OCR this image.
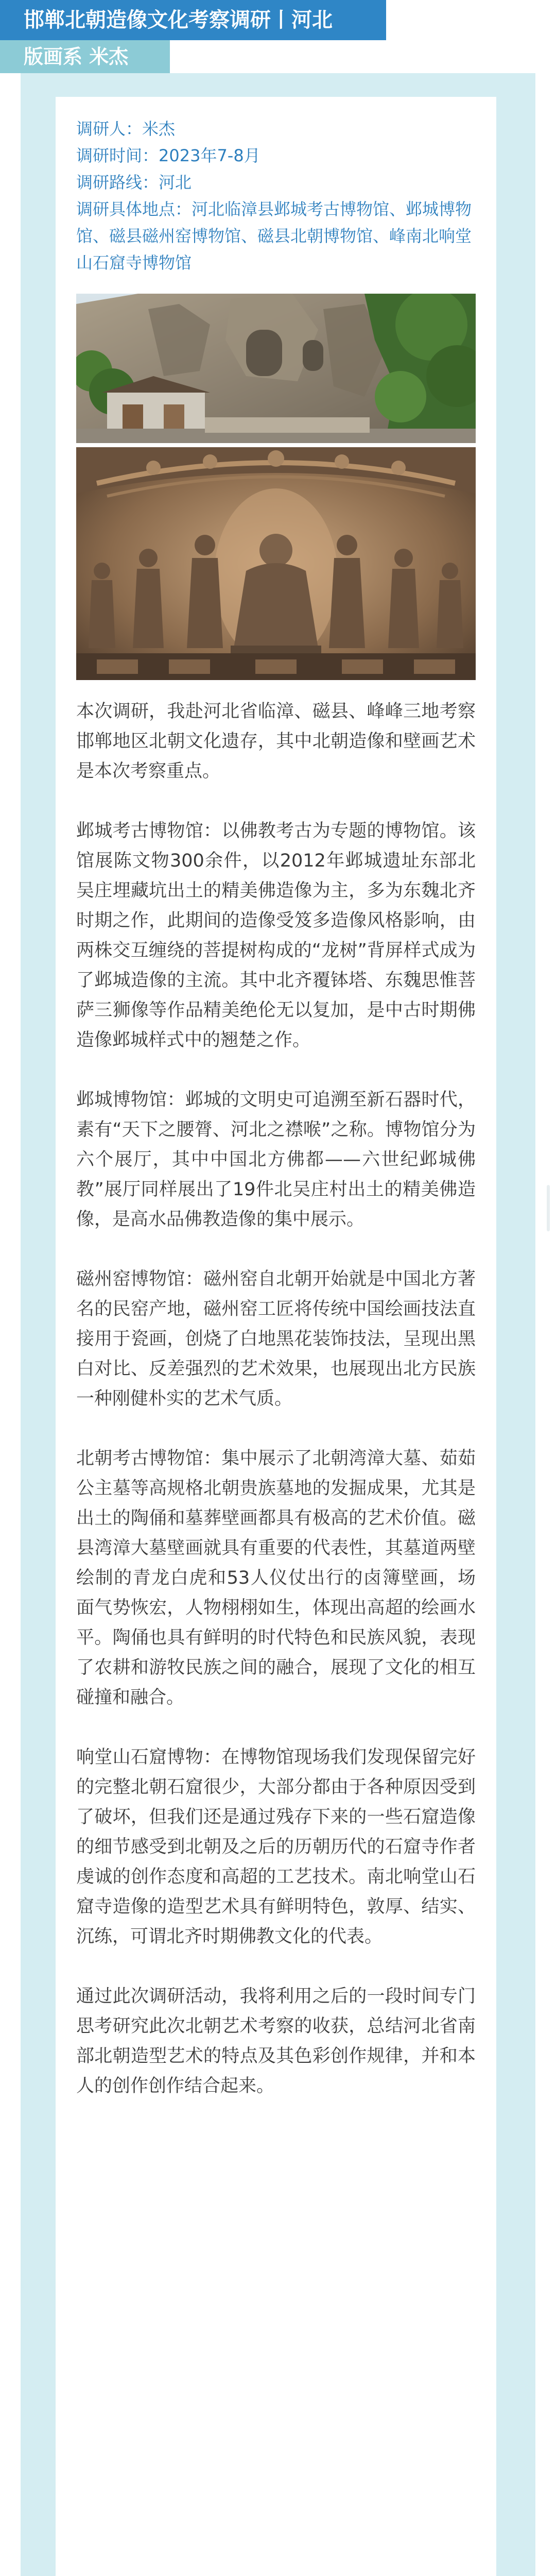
邯郸北朝造像文化考察调研丨河北
版画系 米杰
调研人：米杰
调研时间：2023年7-8月
调研路线：河北
调研具体地点：河北临漳县邺城考古博物馆、邺城博物馆、磁县磁州窑博物馆、磁县北朝博物馆、峰南北响堂山石窟寺博物馆

本次调研，我赴河北省临漳、磁县、峰峰三地考察邯郸地区北朝文化遗存，其中北朝造像和壁画艺术是本次考察重点。

邺城考古博物馆：以佛教考古为专题的博物馆。该馆展陈文物300余件，以2012年邺城遗址东部北吴庄埋藏坑出土的精美佛造像为主，多为东魏北齐时期之作，此期间的造像受笈多造像风格影响，由两株交互缠绕的菩提树构成的“龙树”背屏样式成为了邺城造像的主流。其中北齐覆钵塔、东魏思惟菩萨三狮像等作品精美绝伦无以复加，是中古时期佛造像邺城样式中的翘楚之作。

邺城博物馆：邺城的文明史可追溯至新石器时代，素有“天下之腰膂、河北之襟喉”之称。博物馆分为六个展厅，其中中国北方佛都——六世纪邺城佛教”展厅同样展出了19件北吴庄村出土的精美佛造像，是高水品佛教造像的集中展示。

磁州窑博物馆：磁州窑自北朝开始就是中国北方著名的民窑产地，磁州窑工匠将传统中国绘画技法直接用于瓷画，创烧了白地黑花装饰技法，呈现出黑白对比、反差强烈的艺术效果，也展现出北方民族一种刚健朴实的艺术气质。

北朝考古博物馆：集中展示了北朝湾漳大墓、茹茹公主墓等高规格北朝贵族墓地的发掘成果，尤其是出土的陶俑和墓葬壁画都具有极高的艺术价值。磁县湾漳大墓壁画就具有重要的代表性，其墓道两壁绘制的青龙白虎和53人仪仗出行的卤簿壁画，场面气势恢宏，人物栩栩如生，体现出高超的绘画水平。陶俑也具有鲜明的时代特色和民族风貌，表现了农耕和游牧民族之间的融合，展现了文化的相互碰撞和融合。

响堂山石窟博物：在博物馆现场我们发现保留完好的完整北朝石窟很少，大部分都由于各种原因受到了破坏，但我们还是通过残存下来的一些石窟造像的细节感受到北朝及之后的历朝历代的石窟寺作者虔诚的创作态度和高超的工艺技术。南北响堂山石窟寺造像的造型艺术具有鲜明特色，敦厚、结实、沉练，可谓北齐时期佛教文化的代表。

通过此次调研活动，我将利用之后的一段时间专门思考研究此次北朝艺术考察的收获，总结河北省南部北朝造型艺术的特点及其色彩创作规律，并和本人的创作创作结合起来。
